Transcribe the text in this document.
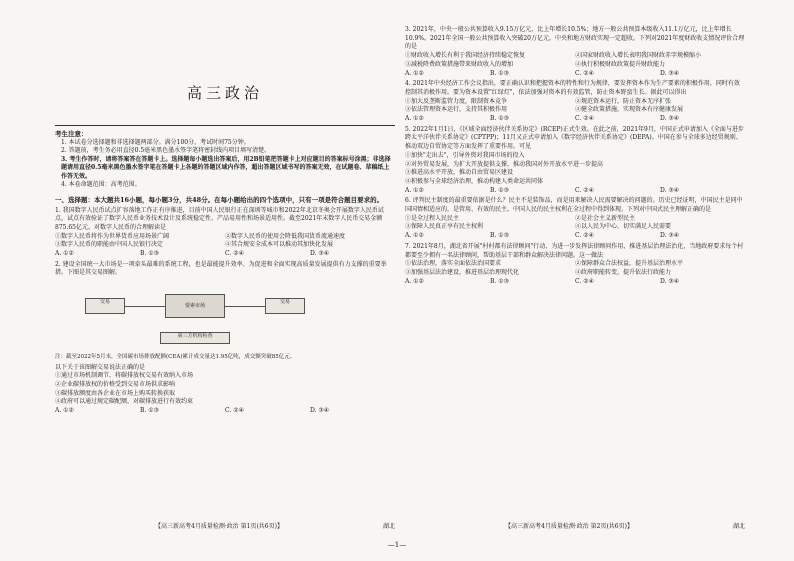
高三政治
考生注意：
1. 本试卷分选择题和非选择题两部分。满分100分，考试时间75分钟。
2. 答题前，考生务必用直径0.5毫米黑色墨水签字笔将密封线内项目填写清楚。
3. 考生作答时，请将答案答在答题卡上。选择题每小题选出答案后，用2B铅笔把答题卡上对应题目的答案标号涂黑；非选择题请用直径0.5毫米黑色墨水签字笔在答题卡上各题的答题区域内作答，超出答题区域书写的答案无效，在试题卷、草稿纸上作答无效。
4. 本卷命题范围：高考范围。
一、选择题：本大题共16小题，每小题3分，共48分。在每小题给出的四个选项中，只有一项是符合题目要求的。
1. 我国数字人民币试点扩容落地工作正有序推进，目前中国人民银行正在深圳等城市和2022年北京冬奥会开展数字人民币试点，试点有效验证了数字人民币业务技术设计及系统稳定性、产品易用性和场景适用性。截至2021年末数字人民币交易金额875.65亿元。对数字人民币的合理解读是
①数字人民币将作为世界货币应用场景广阔	②数字人民币的使用会降低我国货币流通速度
③数字人民币的职能由中国人民银行决定	④其合规安全成本可以推动其加快化发展
A. ①②	B. ①③	C. ②④	D. ③④
2. 建设全国统一大市场是一项牵头最难的系统工程，也是最能提升效率、为促进和全面实现高质量发展提供有力支撑的重要举措。下图是其交易图解。
交易
要素市场
交易
第三方机构检查
注：截至2022年5月末，全国碳市场排放配额(CEA)累计成交量达1.95亿吨，成交额突破85亿元。
以下关于该图解交易说法正确的是
①通过市场机制调节，将碳排放权交易有效纳入市场
②企业碳排放权的价格受到交易市场供求影响
③碳排放额度由各企业在市场上购买转换获取
④政府可以通过规定碳配额，对碳排放进行有效约束
A. ①②	B. ①③	C. ②④	D. ③④
【高三新高考4月质量检测·政治 第1页(共6页)】	湖北
3. 2021年，中央一般公共预算收入9.15万亿元，比上年增长10.5%；地方一般公共预算本级收入11.1万亿元，比上年增长10.9%。2021年全国一般公共预算收入突破20万亿元。中央和地方财政实现一定超收。下列对2021年度财政收支情况评价合理的是
①财政收入增长有利于我国经济持续稳定恢复	②国家财政收入增长表明我国财政赤字规模缩小
③减税降费政策措施带来财政收入的增加	④执行积极财政政策提升财政能力
A. ①②	B. ①③	C. ②④	D. ③④
4. 2021年中央经济工作会议指出，要正确认识和把握资本的特性和行为规律，要发挥资本作为生产要素的积极作用，同时有效控制其消极作用。要为资本设置"红绿灯"，依法加强对资本的有效监管，防止资本野蛮生长。据此可以得出
①加大反垄断监管力度，限制资本竞争	②规范资本运行，防止资本无序扩张
③依法管理资本运行，支持其积极作用	④健全政策措施，实现资本有序健康发展
A. ①②	B. ①③	C. ②④	D. ③④
5. 2022年1月1日，《区域全面经济伙伴关系协定》(RCEP)正式生效。在此之前，2021年9月，中国正式申请加入《全面与进步跨太平洋伙伴关系协定》(CPTPP)；11月又正式申请加入《数字经济伙伴关系协定》(DEPA)。中国在参与全球多边经贸规则、推动双边自贸协定等方面发挥了重要作用。可见
①加快"走出去"，引导外资对我国市场的投入
②对外贸易发展，为扩大开放提供支撑，推动我国对外开放水平进一步提高
③推进高水平开放，推动自由贸易区建设
④积极参与全球经济治理，推动构建人类命运共同体
A. ①②	B. ①③	C. ②④	D. ③④
6. 评判民主制度的最重要依据是什么？民主不是装饰品，而是用来解决人民需要解决的问题的。历史已经证明，中国民主是同中国国情相适应的，是管用、有效的民主。中国人民的民主权利在全过程中得到体现。下列对中国式民主理解正确的是
①是全过程人民民主	②是社会主义新型民主
③保障人民真正享有民主权利	④以人民为中心，切实满足人民需要
A. ①②	B. ①③	C. ②④	D. ③④
7. 2021年8月，湖北省开展"村村都有法律顾问"行动，为进一步发挥法律顾问作用，推进基层治理法治化，当地政府要求每个村都要至少拥有一名法律顾问，帮助基层干部和群众解决法律问题。这一做法
①依法治理，落实全面依法治国要求	②保障群众合法权益，提升基层治理水平
③加强基层法治建设，推进基层治理现代化	④政府职能转变，提升依法行政能力
A. ①②	B. ①③	C. ②④	D. ③④
【高三新高考4月质量检测·政治 第2页(共6页)】	湖北
—1—
